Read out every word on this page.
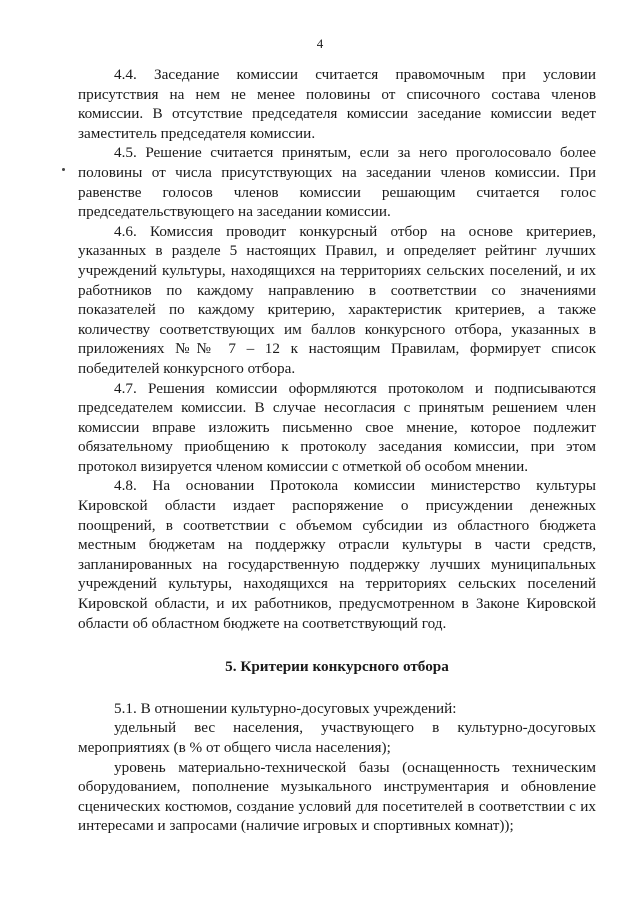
4

4.4. Заседание комиссии считается правомочным при условии присутствия на нем не менее половины от списочного состава членов комиссии. В отсутствие председателя комиссии заседание комиссии ведет заместитель председателя комиссии.

4.5. Решение считается принятым, если за него проголосовало более половины от числа присутствующих на заседании членов комиссии. При равенстве голосов членов комиссии решающим считается голос председательствующего на заседании комиссии.

4.6. Комиссия проводит конкурсный отбор на основе критериев, указанных в разделе 5 настоящих Правил, и определяет рейтинг лучших учреждений культуры, находящихся на территориях сельских поселений, и их работников по каждому направлению в соответствии со значениями показателей по каждому критерию, характеристик критериев, а также количеству соответствующих им баллов конкурсного отбора, указанных в приложениях №№ 7 – 12 к настоящим Правилам, формирует список победителей конкурсного отбора.

4.7. Решения комиссии оформляются протоколом и подписываются председателем комиссии. В случае несогласия с принятым решением член комиссии вправе изложить письменно свое мнение, которое подлежит обязательному приобщению к протоколу заседания комиссии, при этом протокол визируется членом комиссии с отметкой об особом мнении.

4.8. На основании Протокола комиссии министерство культуры Кировской области издает распоряжение о присуждении денежных поощрений, в соответствии с объемом субсидии из областного бюджета местным бюджетам на поддержку отрасли культуры в части средств, запланированных на государственную поддержку лучших муниципальных учреждений культуры, находящихся на территориях сельских поселений Кировской области, и их работников, предусмотренном в Законе Кировской области об областном бюджете на соответствующий год.

5. Критерии конкурсного отбора

5.1. В отношении культурно-досуговых учреждений:

удельный вес населения, участвующего в культурно-досуговых мероприятиях (в % от общего числа населения);

уровень материально-технической базы (оснащенность техническим оборудованием, пополнение музыкального инструментария и обновление сценических костюмов, создание условий для посетителей в соответствии с их интересами и запросами (наличие игровых и спортивных комнат));
